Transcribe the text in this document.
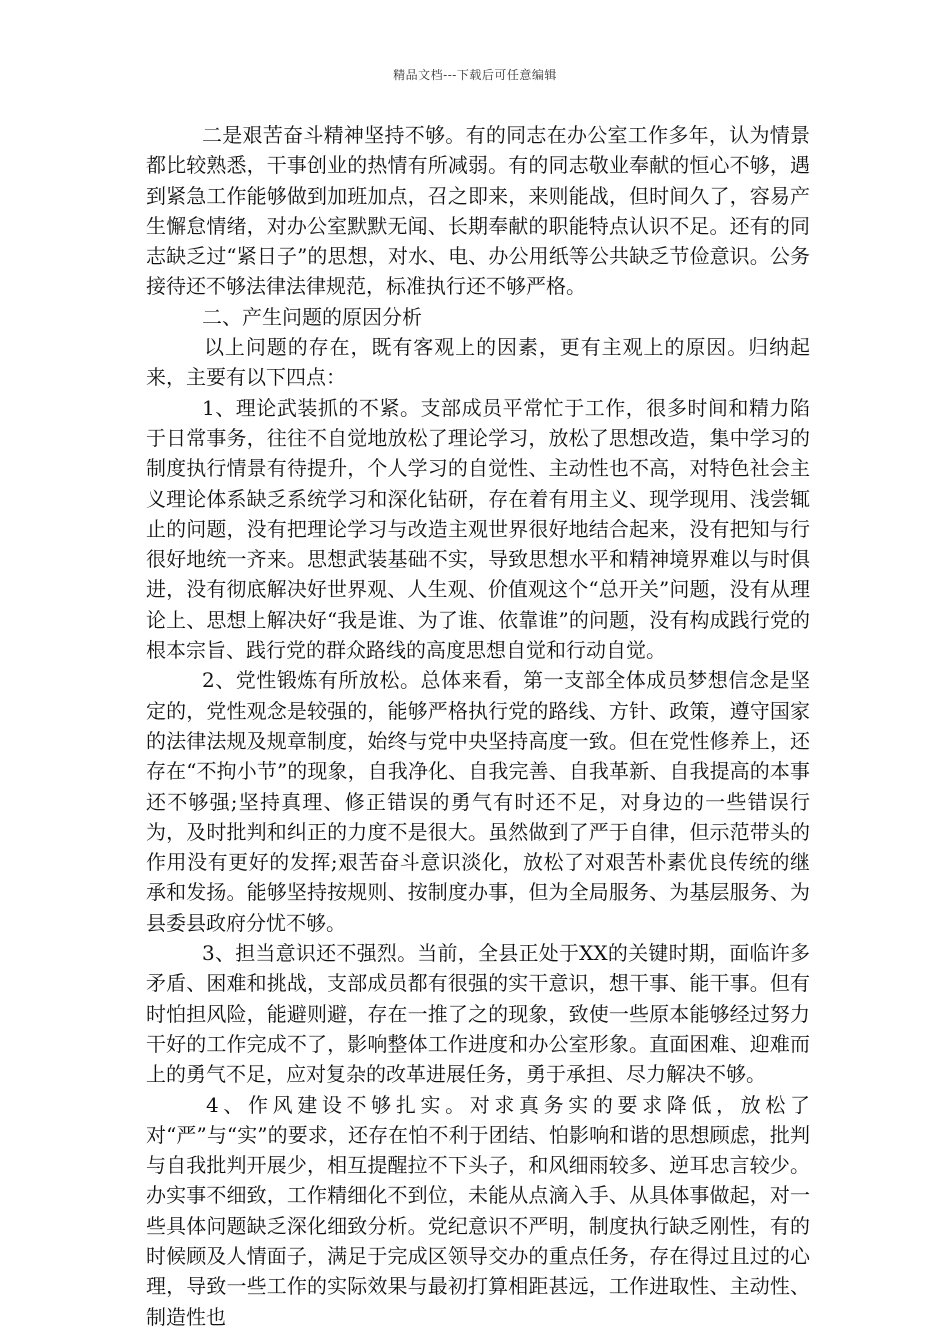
精品文档---下载后可任意编辑

二是艰苦奋斗精神坚持不够。有的同志在办公室工作多年，认为情景都比较熟悉，干事创业的热情有所减弱。有的同志敬业奉献的恒心不够，遇到紧急工作能够做到加班加点，召之即来，来则能战，但时间久了，容易产生懈怠情绪，对办公室默默无闻、长期奉献的职能特点认识不足。还有的同志缺乏过“紧日子”的思想，对水、电、办公用纸等公共缺乏节俭意识。公务接待还不够法律法律规范，标准执行还不够严格。

二、产生问题的原因分析

以上问题的存在，既有客观上的因素，更有主观上的原因。归纳起来，主要有以下四点：

1、理论武装抓的不紧。支部成员平常忙于工作，很多时间和精力陷于日常事务，往往不自觉地放松了理论学习，放松了思想改造，集中学习的制度执行情景有待提升，个人学习的自觉性、主动性也不高，对特色社会主义理论体系缺乏系统学习和深化钻研，存在着有用主义、现学现用、浅尝辄止的问题，没有把理论学习与改造主观世界很好地结合起来，没有把知与行很好地统一齐来。思想武装基础不实，导致思想水平和精神境界难以与时俱进，没有彻底解决好世界观、人生观、价值观这个“总开关”问题，没有从理论上、思想上解决好“我是谁、为了谁、依靠谁”的问题，没有构成践行党的根本宗旨、践行党的群众路线的高度思想自觉和行动自觉。

2、党性锻炼有所放松。总体来看，第一支部全体成员梦想信念是坚定的，党性观念是较强的，能够严格执行党的路线、方针、政策，遵守国家的法律法规及规章制度，始终与党中央坚持高度一致。但在党性修养上，还存在“不拘小节”的现象，自我净化、自我完善、自我革新、自我提高的本事还不够强;坚持真理、修正错误的勇气有时还不足，对身边的一些错误行为，及时批判和纠正的力度不是很大。虽然做到了严于自律，但示范带头的作用没有更好的发挥;艰苦奋斗意识淡化，放松了对艰苦朴素优良传统的继承和发扬。能够坚持按规则、按制度办事，但为全局服务、为基层服务、为县委县政府分忧不够。

3、担当意识还不强烈。当前，全县正处于XX的关键时期，面临许多矛盾、困难和挑战，支部成员都有很强的实干意识，想干事、能干事。但有时怕担风险，能避则避，存在一推了之的现象，致使一些原本能够经过努力干好的工作完成不了，影响整体工作进度和办公室形象。直面困难、迎难而上的勇气不足，应对复杂的改革进展任务，勇于承担、尽力解决不够。

4、作风建设不够扎实。对求真务实的要求降低，放松了对“严”与“实”的要求，还存在怕不利于团结、怕影响和谐的思想顾虑，批判与自我批判开展少，相互提醒拉不下头子，和风细雨较多、逆耳忠言较少。办实事不细致，工作精细化不到位，未能从点滴入手、从具体事做起，对一些具体问题缺乏深化细致分析。党纪意识不严明，制度执行缺乏刚性，有的时候顾及人情面子，满足于完成区领导交办的重点任务，存在得过且过的心理，导致一些工作的实际效果与最初打算相距甚远，工作进取性、主动性、制造性也
